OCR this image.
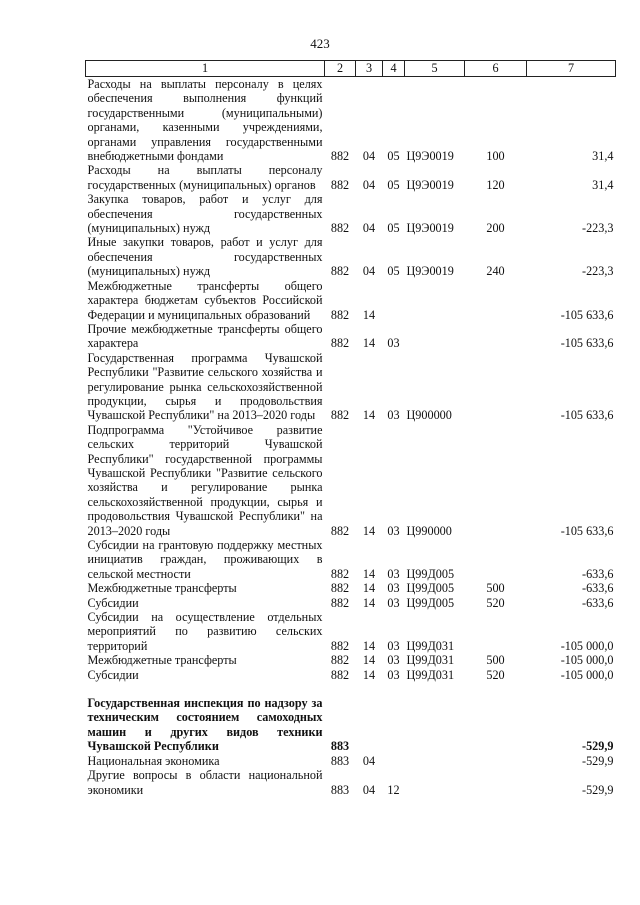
423
1	2	3	4	5	6	7
Расходы на выплаты персоналу в целях обеспечения выполнения функций государственными (муниципальными) органами, казенными учреждениями, органами управления государственными внебюджетными фондами	882	04	05	Ц9Э0019	100	31,4
Расходы на выплаты персоналу государственных (муниципальных) органов	882	04	05	Ц9Э0019	120	31,4
Закупка товаров, работ и услуг для обеспечения государственных (муниципальных) нужд	882	04	05	Ц9Э0019	200	-223,3
Иные закупки товаров, работ и услуг для обеспечения государственных (муниципальных) нужд	882	04	05	Ц9Э0019	240	-223,3
Межбюджетные трансферты общего характера бюджетам субъектов Российской Федерации и муниципальных образований	882	14				-105 633,6
Прочие межбюджетные трансферты общего характера	882	14	03			-105 633,6
Государственная программа Чувашской Республики "Развитие сельского хозяйства и регулирование рынка сельскохозяйственной продукции, сырья и продовольствия Чувашской Республики" на 2013–2020 годы	882	14	03	Ц900000		-105 633,6
Подпрограмма "Устойчивое развитие сельских территорий Чувашской Республики" государственной программы Чувашской Республики "Развитие сельского хозяйства и регулирование рынка сельскохозяйственной продукции, сырья и продовольствия Чувашской Республики" на 2013–2020 годы	882	14	03	Ц990000		-105 633,6
Субсидии на грантовую поддержку местных инициатив граждан, проживающих в сельской местности	882	14	03	Ц99Д005		-633,6
Межбюджетные трансферты	882	14	03	Ц99Д005	500	-633,6
Субсидии	882	14	03	Ц99Д005	520	-633,6
Субсидии на осуществление отдельных мероприятий по развитию сельских территорий	882	14	03	Ц99Д031		-105 000,0
Межбюджетные трансферты	882	14	03	Ц99Д031	500	-105 000,0
Субсидии	882	14	03	Ц99Д031	520	-105 000,0

Государственная инспекция по надзору за техническим состоянием самоходных машин и других видов техники Чувашской Республики	883					-529,9
Национальная экономика	883	04				-529,9
Другие вопросы в области национальной экономики	883	04	12			-529,9
